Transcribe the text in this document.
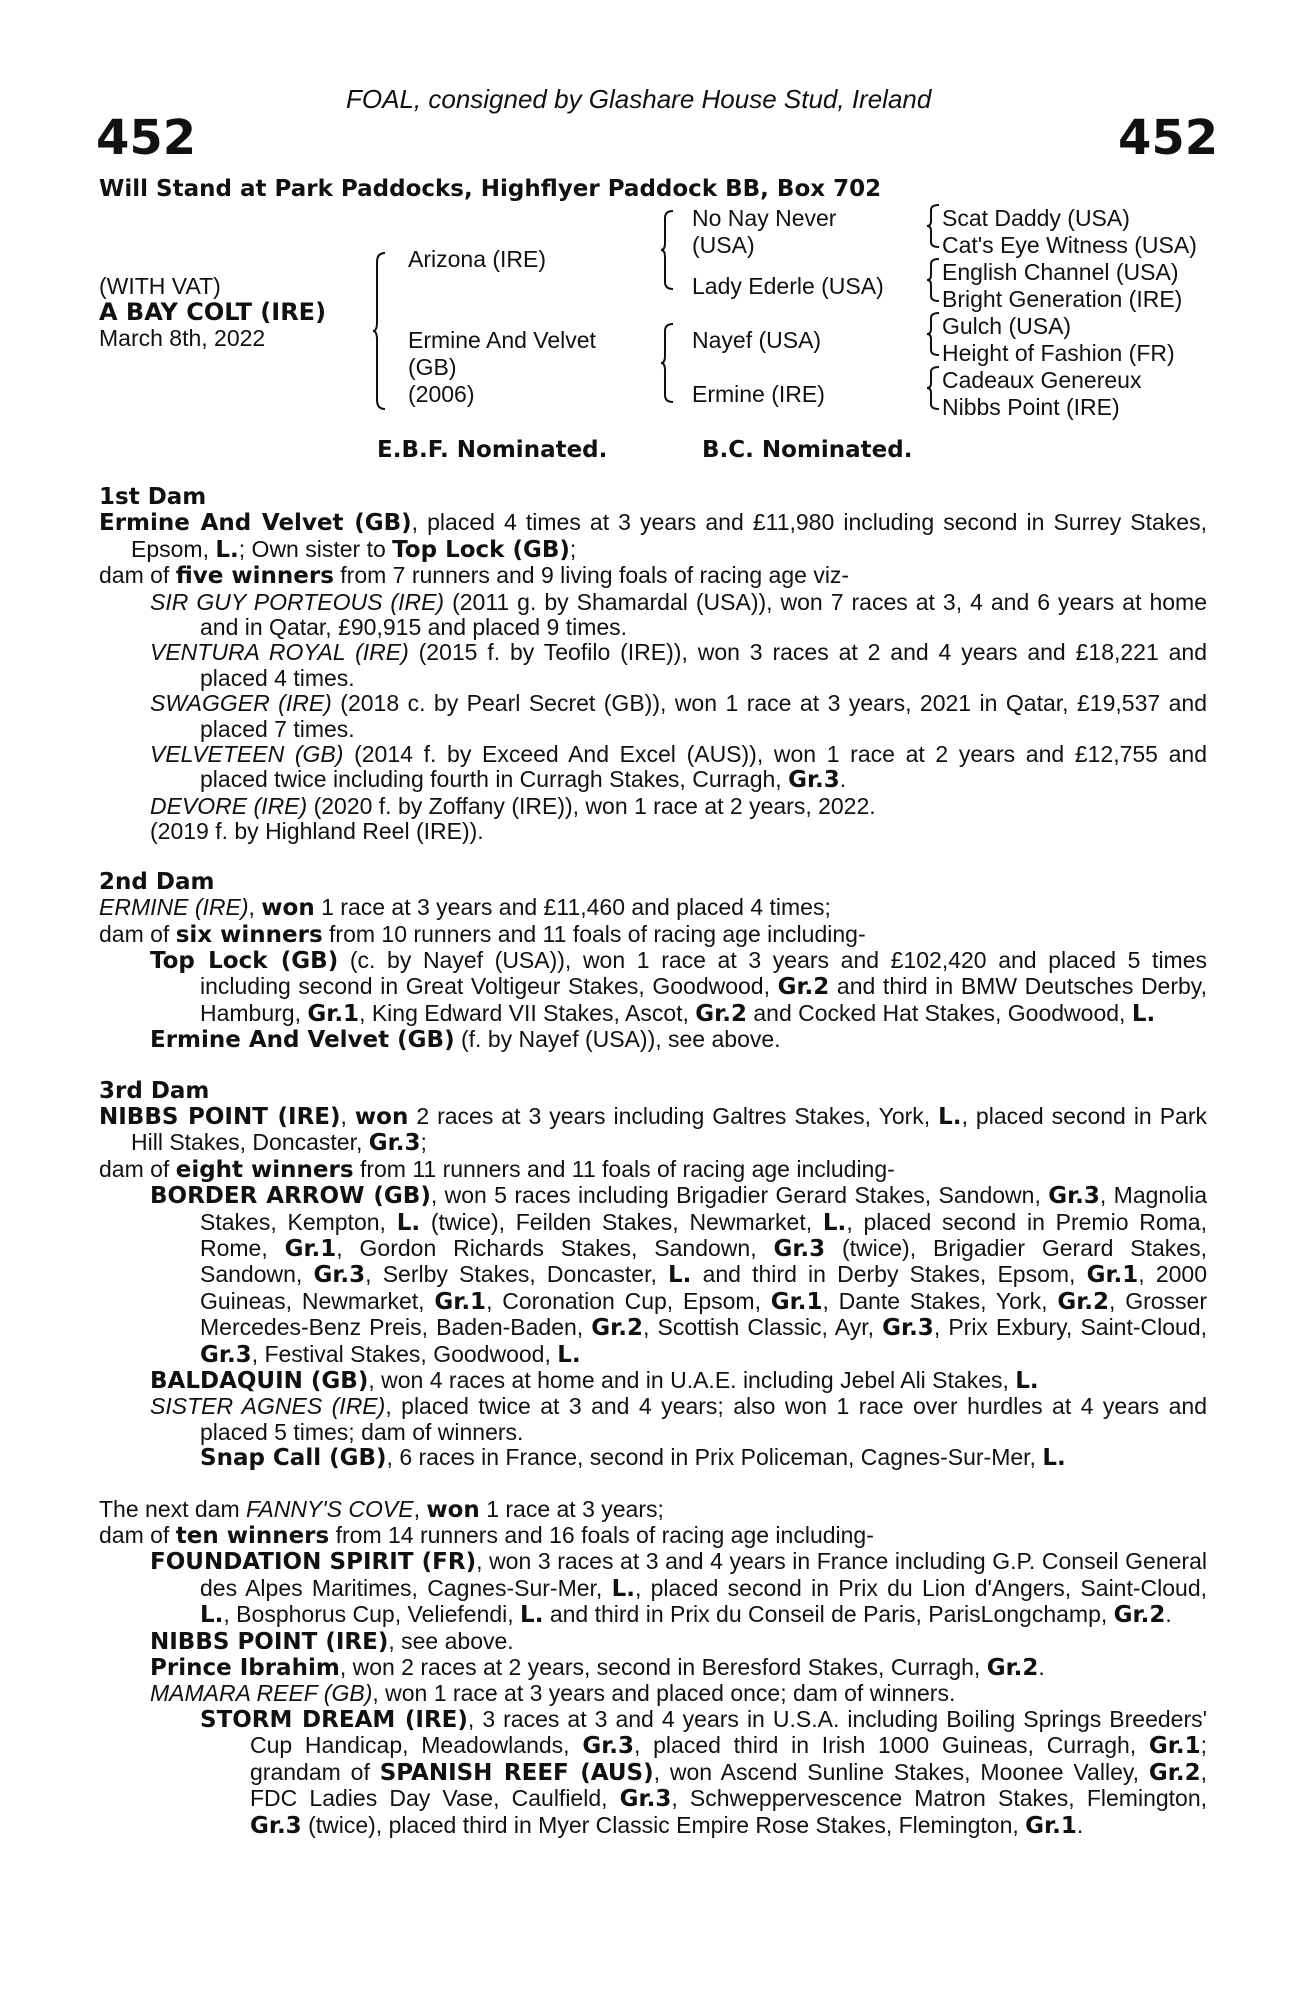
FOAL, consigned by Glashare House Stud, Ireland
452	452
Will Stand at Park Paddocks, Highflyer Paddock BB, Box 702
(WITH VAT)
A BAY COLT (IRE)
March 8th, 2022
Arizona (IRE)
Ermine And Velvet
(GB)
(2006)
No Nay Never
(USA)
Lady Ederle (USA)
Nayef (USA)
Ermine (IRE)
Scat Daddy (USA)
Cat's Eye Witness (USA)
English Channel (USA)
Bright Generation (IRE)
Gulch (USA)
Height of Fashion (FR)
Cadeaux Genereux
Nibbs Point (IRE)
E.B.F. Nominated.	B.C. Nominated.
1st Dam

Ermine And Velvet (GB), placed 4 times at 3 years and £11,980 including second in Surrey Stakes, Epsom, L.; Own sister to Top Lock (GB);

dam of five winners from 7 runners and 9 living foals of racing age viz-

SIR GUY PORTEOUS (IRE) (2011 g. by Shamardal (USA)), won 7 races at 3, 4 and 6 years at home and in Qatar, £90,915 and placed 9 times.

VENTURA ROYAL (IRE) (2015 f. by Teofilo (IRE)), won 3 races at 2 and 4 years and £18,221 and placed 4 times.

SWAGGER (IRE) (2018 c. by Pearl Secret (GB)), won 1 race at 3 years, 2021 in Qatar, £19,537 and placed 7 times.

VELVETEEN (GB) (2014 f. by Exceed And Excel (AUS)), won 1 race at 2 years and £12,755 and placed twice including fourth in Curragh Stakes, Curragh, Gr.3.

DEVORE (IRE) (2020 f. by Zoffany (IRE)), won 1 race at 2 years, 2022.

(2019 f. by Highland Reel (IRE)).

2nd Dam

ERMINE (IRE), won 1 race at 3 years and £11,460 and placed 4 times;

dam of six winners from 10 runners and 11 foals of racing age including-

Top Lock (GB) (c. by Nayef (USA)), won 1 race at 3 years and £102,420 and placed 5 times including second in Great Voltigeur Stakes, Goodwood, Gr.2 and third in BMW Deutsches Derby, Hamburg, Gr.1, King Edward VII Stakes, Ascot, Gr.2 and Cocked Hat Stakes, Goodwood, L.

Ermine And Velvet (GB) (f. by Nayef (USA)), see above.

3rd Dam

NIBBS POINT (IRE), won 2 races at 3 years including Galtres Stakes, York, L., placed second in Park Hill Stakes, Doncaster, Gr.3;

dam of eight winners from 11 runners and 11 foals of racing age including-

BORDER ARROW (GB), won 5 races including Brigadier Gerard Stakes, Sandown, Gr.3, Magnolia Stakes, Kempton, L. (twice), Feilden Stakes, Newmarket, L., placed second in Premio Roma, Rome, Gr.1, Gordon Richards Stakes, Sandown, Gr.3 (twice), Brigadier Gerard Stakes, Sandown, Gr.3, Serlby Stakes, Doncaster, L. and third in Derby Stakes, Epsom, Gr.1, 2000 Guineas, Newmarket, Gr.1, Coronation Cup, Epsom, Gr.1, Dante Stakes, York, Gr.2, Grosser Mercedes-Benz Preis, Baden-Baden, Gr.2, Scottish Classic, Ayr, Gr.3, Prix Exbury, Saint-Cloud, Gr.3, Festival Stakes, Goodwood, L.

BALDAQUIN (GB), won 4 races at home and in U.A.E. including Jebel Ali Stakes, L.

SISTER AGNES (IRE), placed twice at 3 and 4 years; also won 1 race over hurdles at 4 years and placed 5 times; dam of winners.

Snap Call (GB), 6 races in France, second in Prix Policeman, Cagnes-Sur-Mer, L.

The next dam FANNY'S COVE, won 1 race at 3 years;

dam of ten winners from 14 runners and 16 foals of racing age including-

FOUNDATION SPIRIT (FR), won 3 races at 3 and 4 years in France including G.P. Conseil General des Alpes Maritimes, Cagnes-Sur-Mer, L., placed second in Prix du Lion d'Angers, Saint-Cloud, L., Bosphorus Cup, Veliefendi, L. and third in Prix du Conseil de Paris, ParisLongchamp, Gr.2.

NIBBS POINT (IRE), see above.

Prince Ibrahim, won 2 races at 2 years, second in Beresford Stakes, Curragh, Gr.2.

MAMARA REEF (GB), won 1 race at 3 years and placed once; dam of winners.

STORM DREAM (IRE), 3 races at 3 and 4 years in U.S.A. including Boiling Springs Breeders' Cup Handicap, Meadowlands, Gr.3, placed third in Irish 1000 Guineas, Curragh, Gr.1; grandam of SPANISH REEF (AUS), won Ascend Sunline Stakes, Moonee Valley, Gr.2, FDC Ladies Day Vase, Caulfield, Gr.3, Schweppervescence Matron Stakes, Flemington, Gr.3 (twice), placed third in Myer Classic Empire Rose Stakes, Flemington, Gr.1.
